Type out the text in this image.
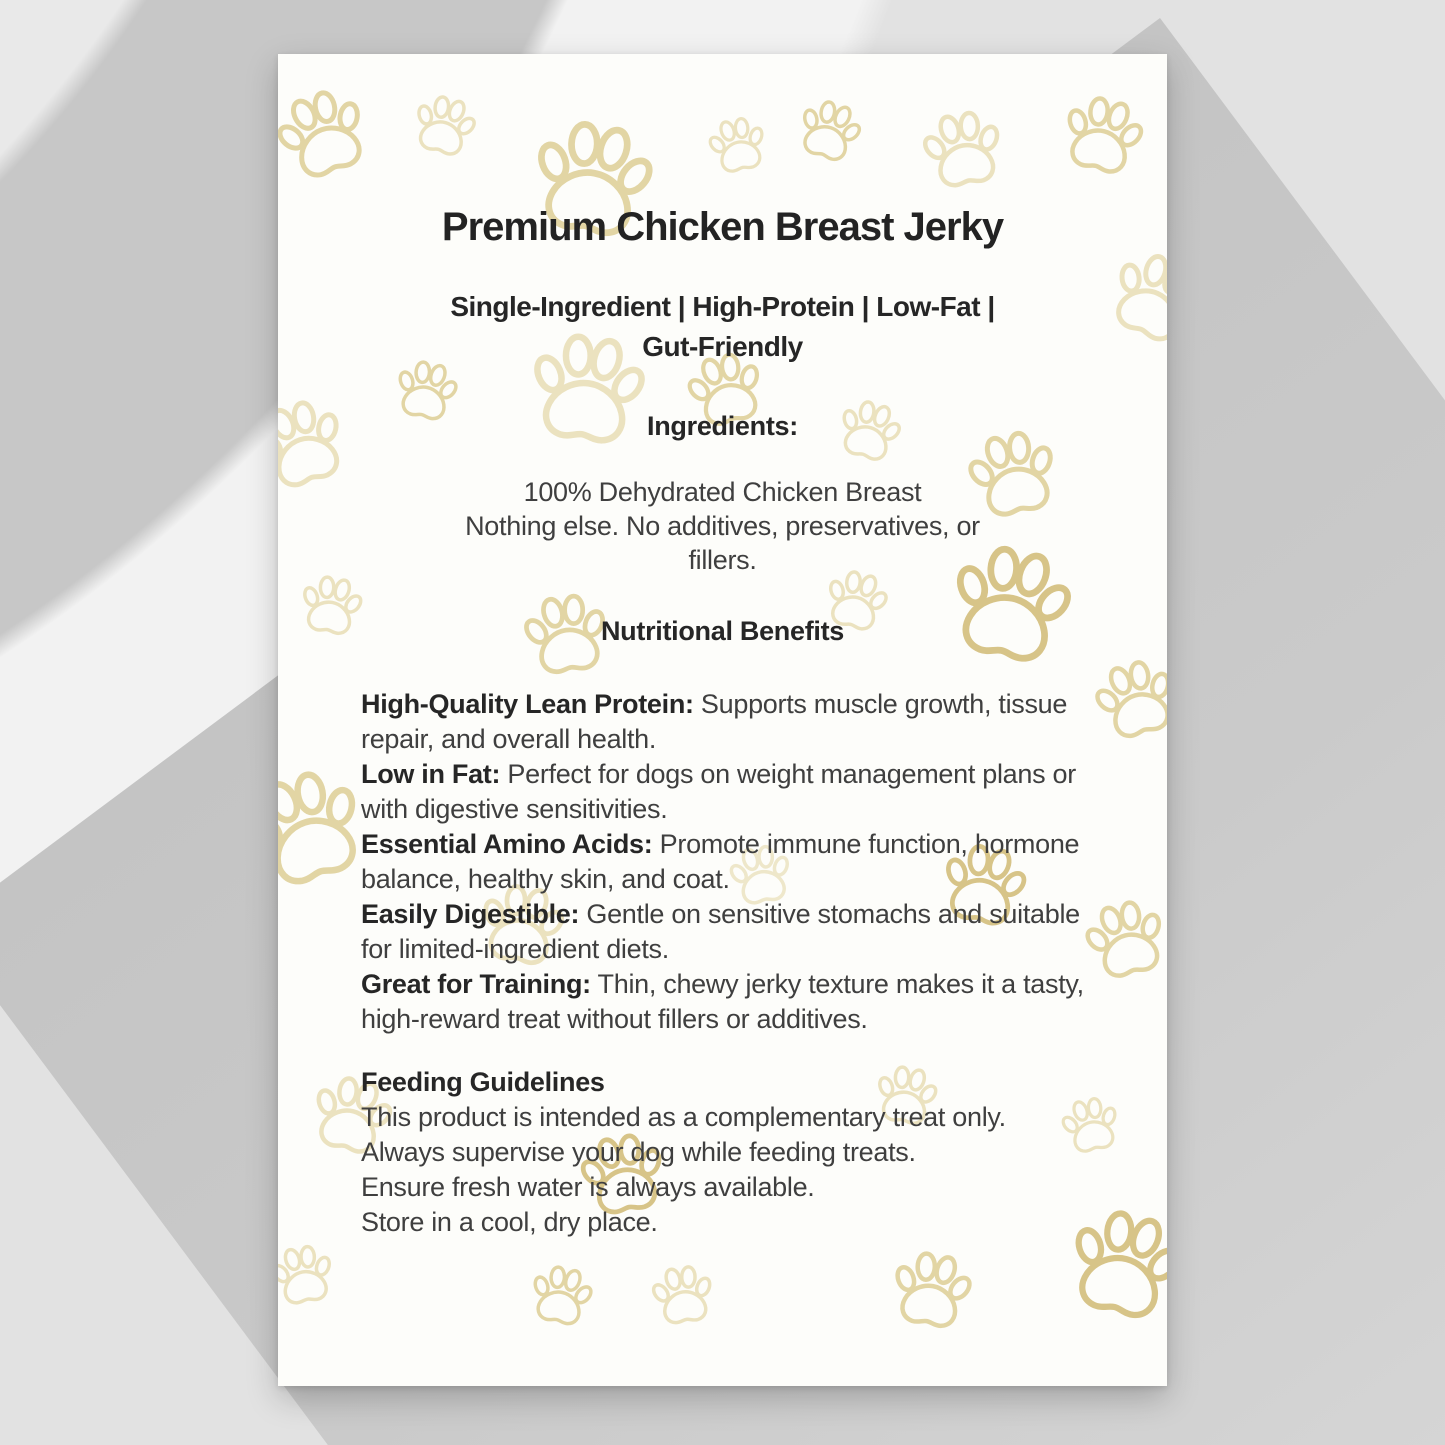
Premium Chicken Breast Jerky
Single-Ingredient | High-Protein | Low-Fat |
Gut-Friendly
Ingredients:
100% Dehydrated Chicken Breast
Nothing else. No additives, preservatives, or
fillers.
Nutritional Benefits

High-Quality Lean Protein: Supports muscle growth, tissue repair, and overall health.

Low in Fat: Perfect for dogs on weight management plans or with digestive sensitivities.

Essential Amino Acids: Promote immune function, hormone balance, healthy skin, and coat.

Easily Digestible: Gentle on sensitive stomachs and suitable for limited-ingredient diets.

Great for Training: Thin, chewy jerky texture makes it a tasty, high-reward treat without fillers or additives.

Feeding Guidelines
This product is intended as a complementary treat only.
Always supervise your dog while feeding treats.
Ensure fresh water is always available.
Store in a cool, dry place.
